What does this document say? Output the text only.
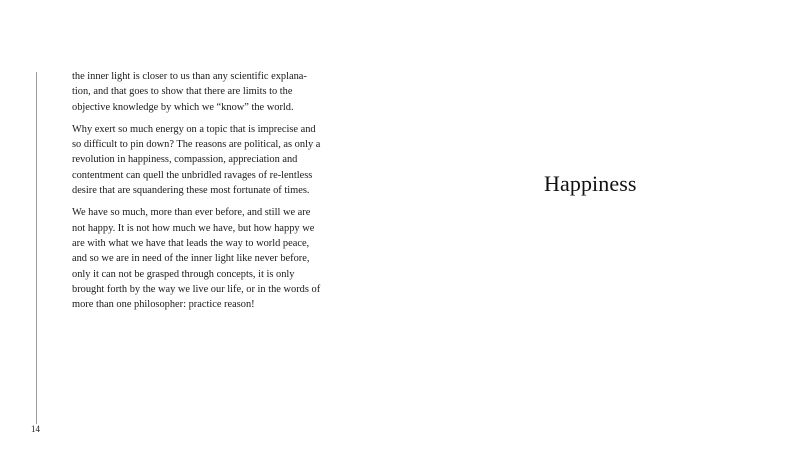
14

the inner light is closer to us than any scientific explana-tion, and that goes to show that there are limits to the objective knowledge by which we “know” the world.

Why exert so much energy on a topic that is imprecise and so difficult to pin down? The reasons are political, as only a revolution in happiness, compassion, appreciation and contentment can quell the unbridled ravages of re-lentless desire that are squandering these most fortunate of times.

We have so much, more than ever before, and still we are not happy. It is not how much we have, but how happy we are with what we have that leads the way to world peace, and so we are in need of the inner light like never before, only it can not be grasped through concepts, it is only brought forth by the way we live our life, or in the words of more than one philosopher: practice reason!

Happiness
